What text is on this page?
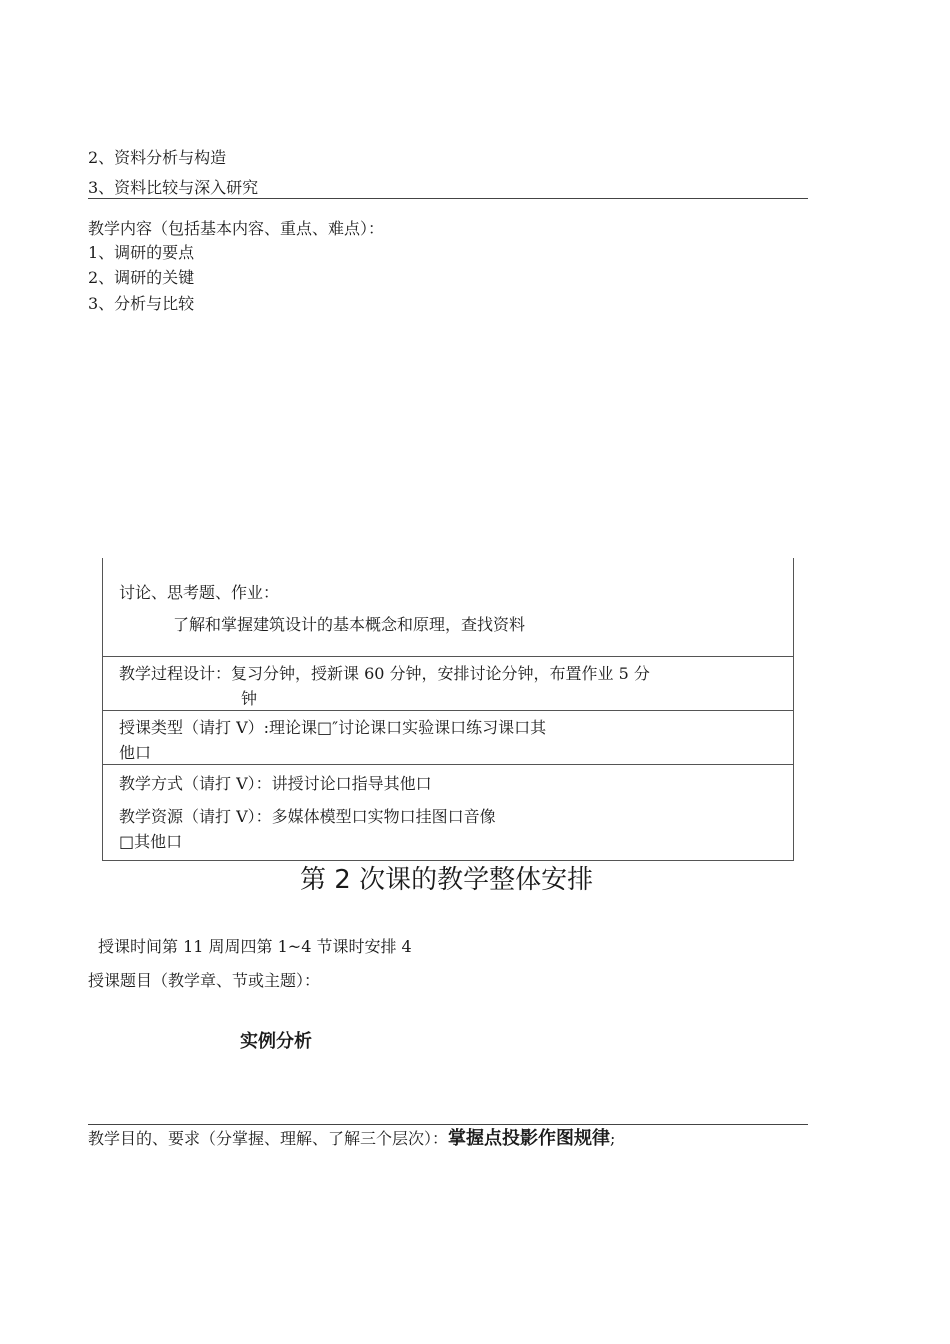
2、资料分析与构造
3、资料比较与深入研究
教学内容（包括基本内容、重点、难点）：
1、调研的要点
2、调研的关键
3、分析与比较
讨论、思考题、作业：
了解和掌握建筑设计的基本概念和原理，查找资料
教学过程设计：复习分钟，授新课 60 分钟，安排讨论分钟，布置作业 5 分
钟
授课类型（请打 V）:理论课□″讨论课口实验课口练习课口其
他口
教学方式（请打 V）：讲授讨论口指导其他口
教学资源（请打 V）：多媒体模型口实物口挂图口音像
□其他口
第 2 次课的教学整体安排
授课时间第 11 周周四第 1~4 节课时安排 4
授课题目（教学章、节或主题）：
实例分析
教学目的、要求（分掌握、理解、了解三个层次）：掌握点投影作图规律;
